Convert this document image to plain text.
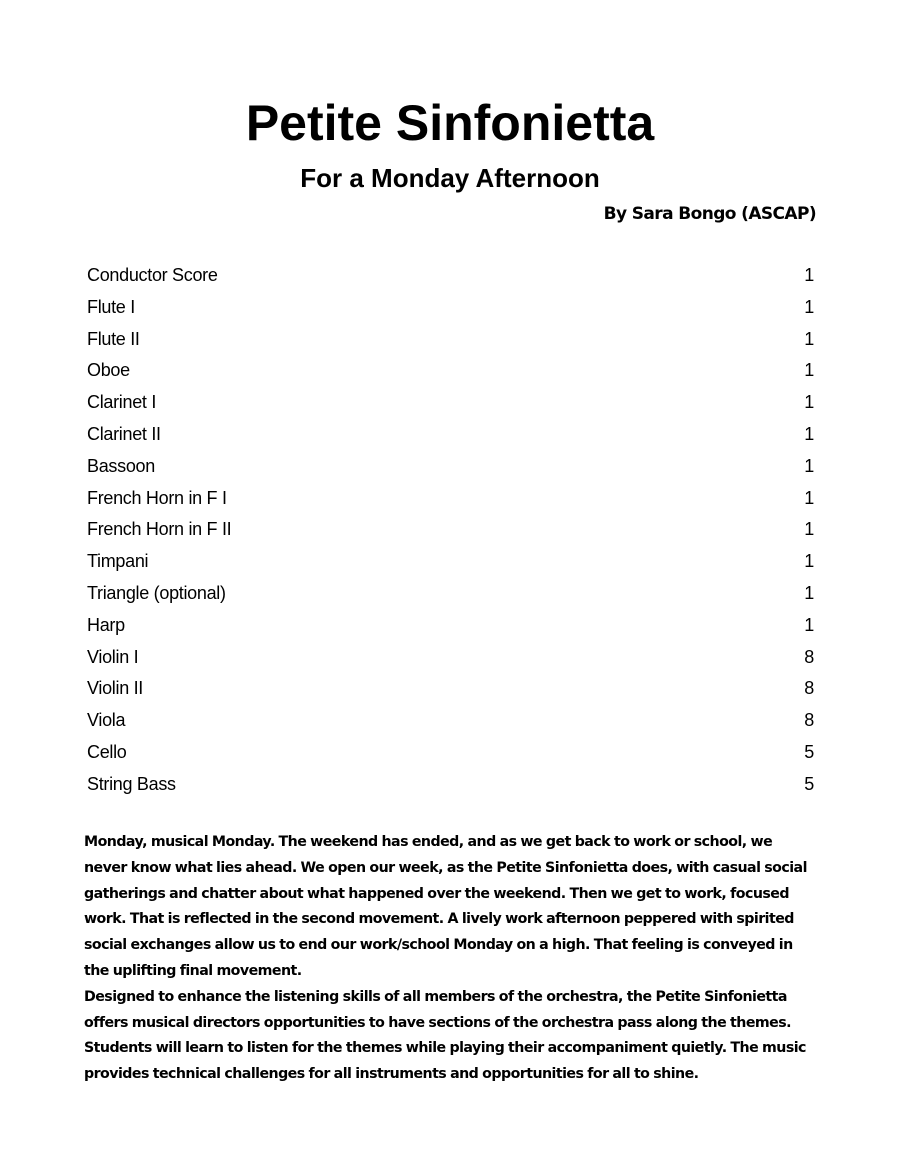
Petite Sinfonietta
For a Monday Afternoon
By Sara Bongo (ASCAP)
Conductor Score	1
Flute I	1
Flute II	1
Oboe	1
Clarinet I	1
Clarinet II	1
Bassoon	1
French Horn in F I	1
French Horn in F II	1
Timpani	1
Triangle (optional)	1
Harp	1
Violin I	8
Violin II	8
Viola	8
Cello	5
String Bass	5

Monday, musical Monday. The weekend has ended, and as we get back to work or school, we never know what lies ahead. We open our week, as the Petite Sinfonietta does, with casual social gatherings and chatter about what happened over the weekend. Then we get to work, focused work. That is reflected in the second movement. A lively work afternoon peppered with spirited social exchanges allow us to end our work/school Monday on a high. That feeling is conveyed in the uplifting final movement.

Designed to enhance the listening skills of all members of the orchestra, the Petite Sinfonietta offers musical directors opportunities to have sections of the orchestra pass along the themes. Students will learn to listen for the themes while playing their accompaniment quietly. The music provides technical challenges for all instruments and opportunities for all to shine.
